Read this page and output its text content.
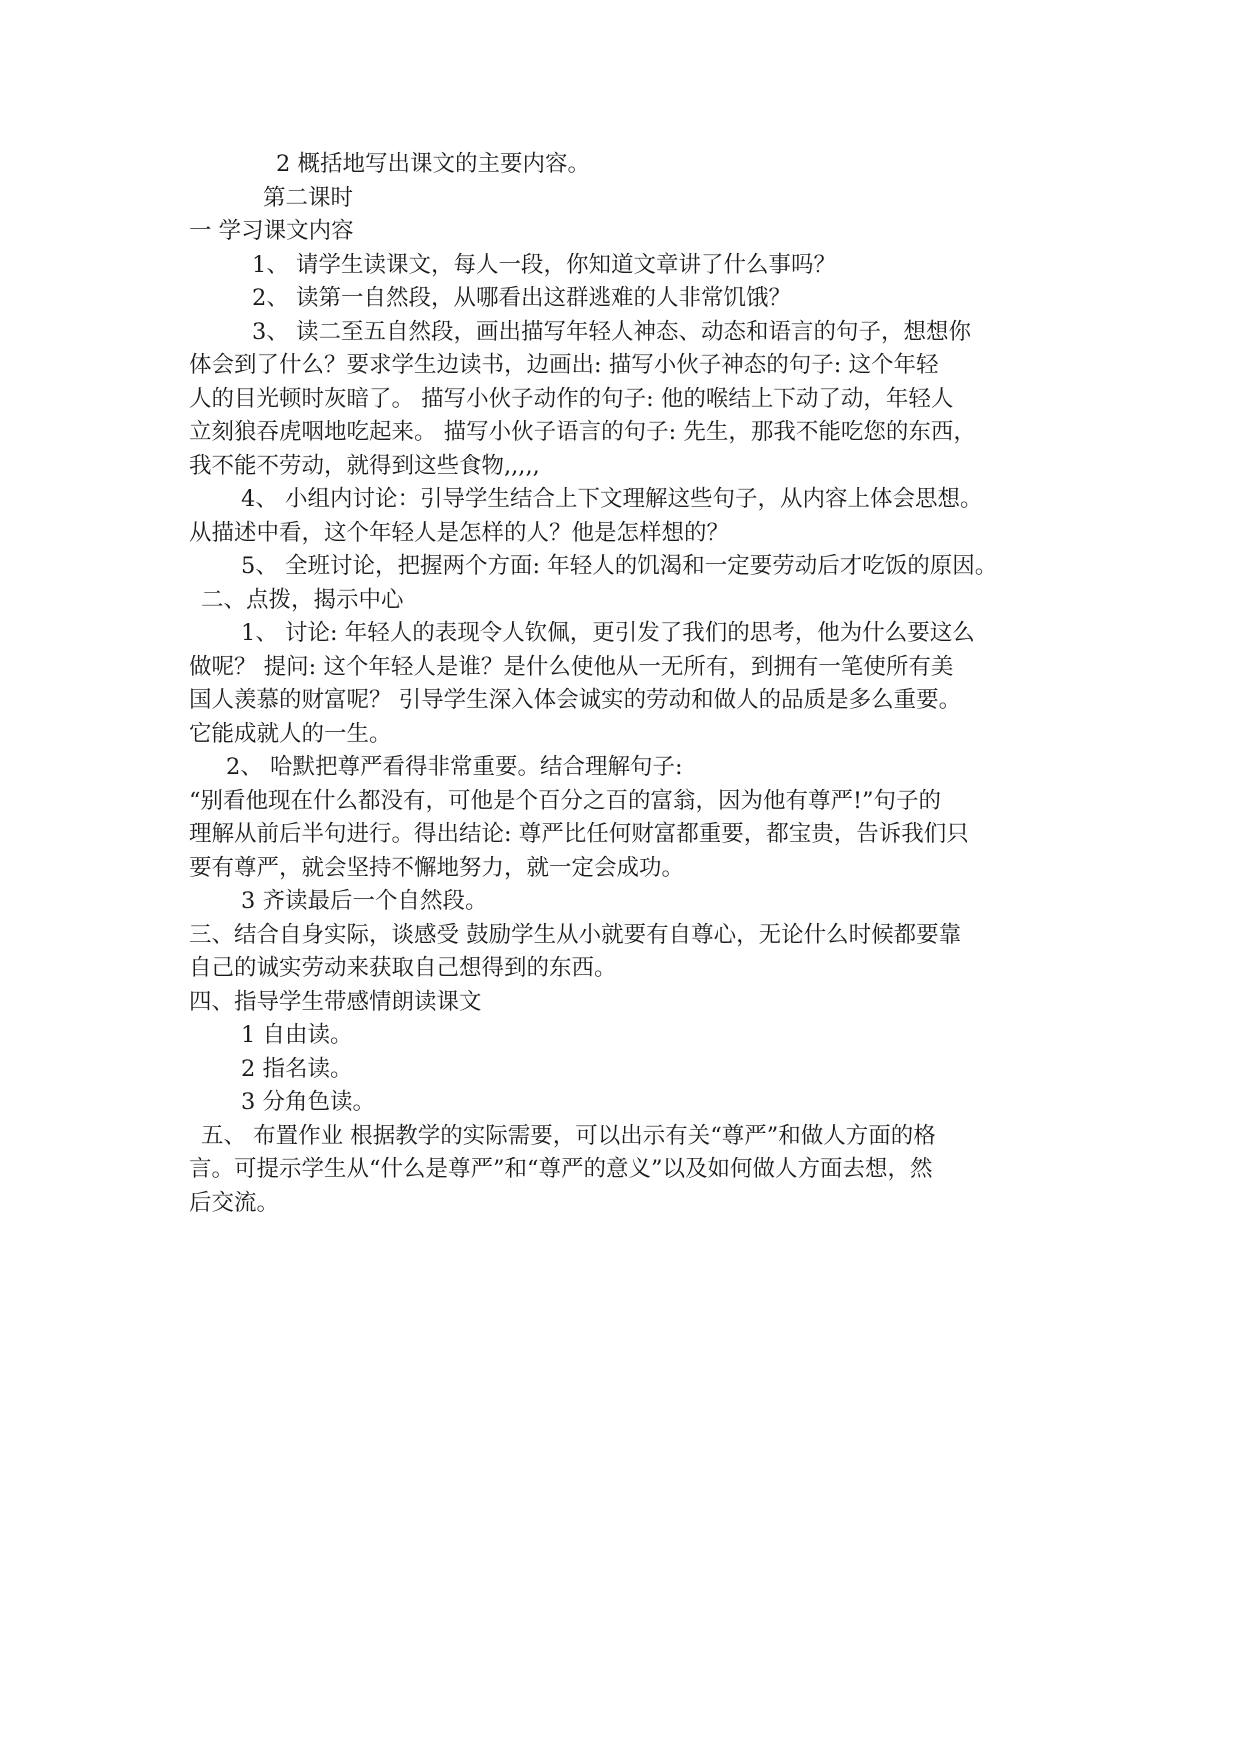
2 概括地写出课文的主要内容。
第二课时
一 学习课文内容
1、 请学生读课文，每人一段，你知道文章讲了什么事吗？
2、 读第一自然段，从哪看出这群逃难的人非常饥饿？
3、 读二至五自然段，画出描写年轻人神态、动态和语言的句子，想想你
体会到了什么？要求学生边读书，边画出: 描写小伙子神态的句子: 这个年轻
人的目光顿时灰暗了。 描写小伙子动作的句子: 他的喉结上下动了动，年轻人
立刻狼吞虎咽地吃起来。 描写小伙子语言的句子: 先生，那我不能吃您的东西，
我不能不劳动，就得到这些食物,,,,,
4、 小组内讨论：引导学生结合上下文理解这些句子，从内容上体会思想。
从描述中看，这个年轻人是怎样的人？他是怎样想的？
5、 全班讨论，把握两个方面: 年轻人的饥渴和一定要劳动后才吃饭的原因。
二、点拨，揭示中心
1、 讨论: 年轻人的表现令人钦佩，更引发了我们的思考，他为什么要这么
做呢？ 提问: 这个年轻人是谁？是什么使他从一无所有，到拥有一笔使所有美
国人羡慕的财富呢？ 引导学生深入体会诚实的劳动和做人的品质是多么重要。
它能成就人的一生。
2、 哈默把尊严看得非常重要。结合理解句子:
“别看他现在什么都没有，可他是个百分之百的富翁，因为他有尊严!”句子的
理解从前后半句进行。得出结论: 尊严比任何财富都重要，都宝贵，告诉我们只
要有尊严，就会坚持不懈地努力，就一定会成功。
3 齐读最后一个自然段。
三、结合自身实际，谈感受 鼓励学生从小就要有自尊心，无论什么时候都要靠
自己的诚实劳动来获取自己想得到的东西。
四、指导学生带感情朗读课文
1 自由读。
2 指名读。
3 分角色读。
五、 布置作业 根据教学的实际需要，可以出示有关“尊严”和做人方面的格
言。可提示学生从“什么是尊严”和“尊严的意义”以及如何做人方面去想，然
后交流。
